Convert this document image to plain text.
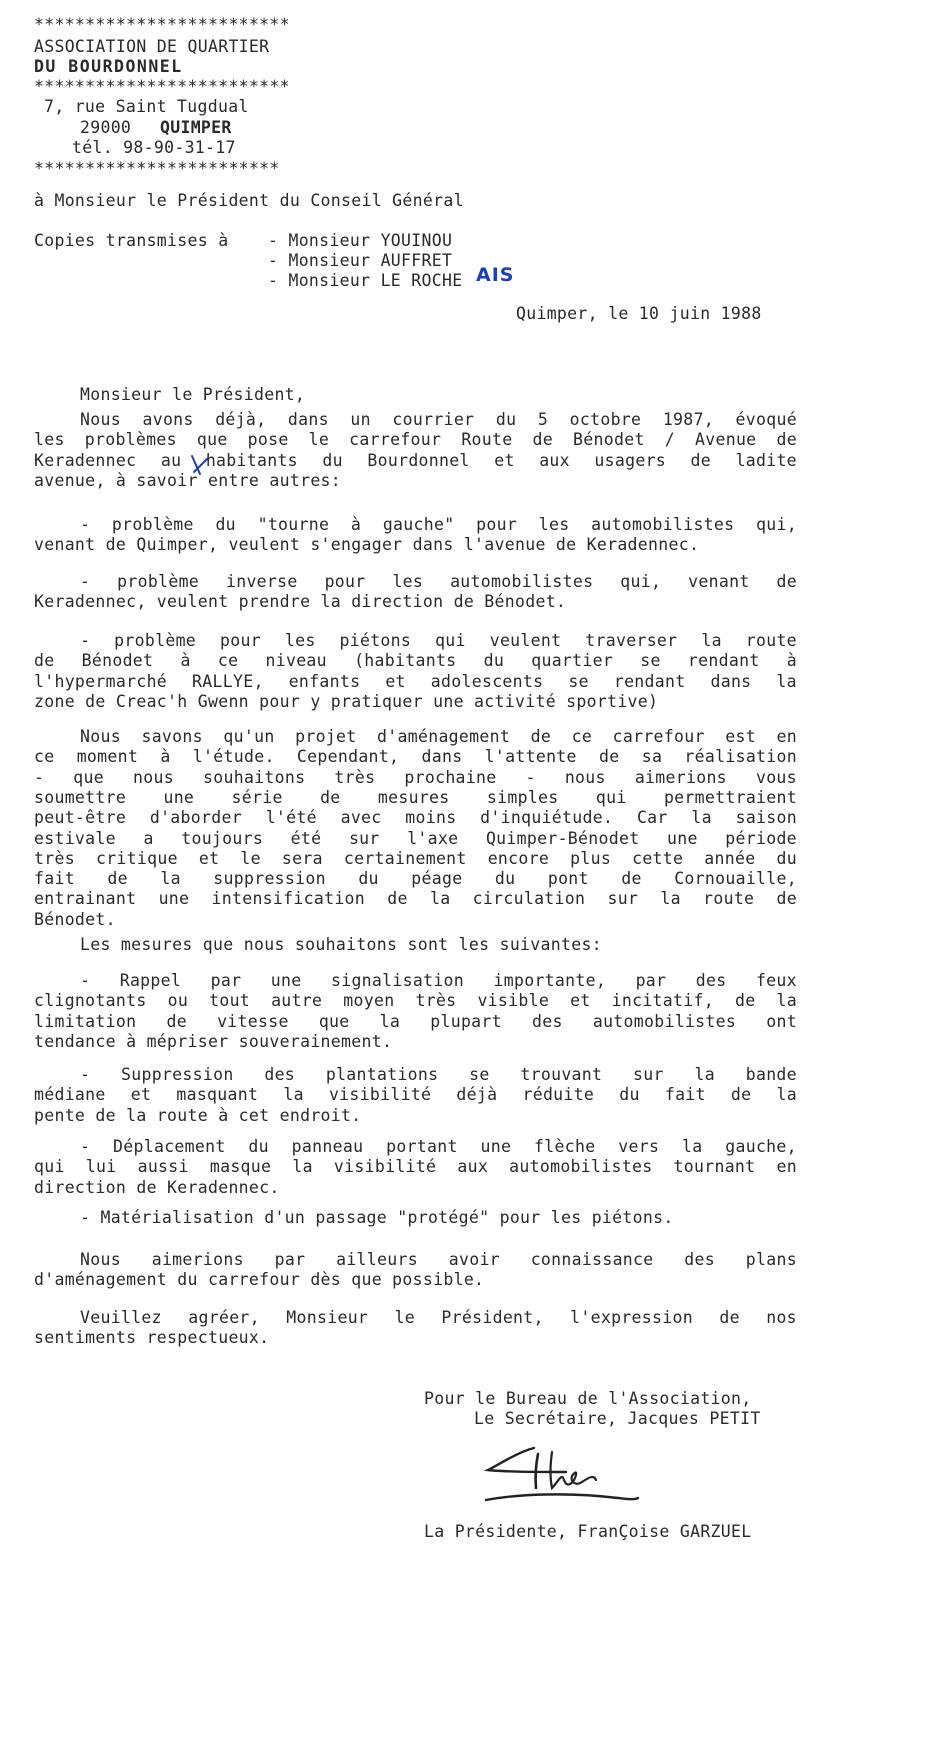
*************************
ASSOCIATION DE QUARTIER
DU BOURDONNEL
*************************
7, rue Saint Tugdual
29000 QUIMPER
tél. 98-90-31-17
************************
à Monsieur le Président du Conseil Général
Copies transmises à - Monsieur YOUINOU
- Monsieur AUFFRET
- Monsieur LE ROCHE AIS
Quimper, le 10 juin 1988
Monsieur le Président,
Nous avons déjà, dans un courrier du 5 octobre 1987, évoqué
les problèmes que pose le carrefour Route de Bénodet / Avenue de
Keradennec au habitants du Bourdonnel et aux usagers de ladite
avenue, à savoir entre autres:
- problème du "tourne à gauche" pour les automobilistes qui,
venant de Quimper, veulent s'engager dans l'avenue de Keradennec.
- problème inverse pour les automobilistes qui, venant de
Keradennec, veulent prendre la direction de Bénodet.
- problème pour les piétons qui veulent traverser la route
de Bénodet à ce niveau (habitants du quartier se rendant à
l'hypermarché RALLYE, enfants et adolescents se rendant dans la
zone de Creac'h Gwenn pour y pratiquer une activité sportive)
Nous savons qu'un projet d'aménagement de ce carrefour est en
ce moment à l'étude. Cependant, dans l'attente de sa réalisation
- que nous souhaitons très prochaine - nous aimerions vous
soumettre une série de mesures simples qui permettraient
peut-être d'aborder l'été avec moins d'inquiétude. Car la saison
estivale a toujours été sur l'axe Quimper-Bénodet une période
très critique et le sera certainement encore plus cette année du
fait de la suppression du péage du pont de Cornouaille,
entrainant une intensification de la circulation sur la route de
Bénodet.
Les mesures que nous souhaitons sont les suivantes:
- Rappel par une signalisation importante, par des feux
clignotants ou tout autre moyen très visible et incitatif, de la
limitation de vitesse que la plupart des automobilistes ont
tendance à mépriser souverainement.
- Suppression des plantations se trouvant sur la bande
médiane et masquant la visibilité déjà réduite du fait de la
pente de la route à cet endroit.
- Déplacement du panneau portant une flèche vers la gauche,
qui lui aussi masque la visibilité aux automobilistes tournant en
direction de Keradennec.
- Matérialisation d'un passage "protégé" pour les piétons.
Nous aimerions par ailleurs avoir connaissance des plans
d'aménagement du carrefour dès que possible.
Veuillez agréer, Monsieur le Président, l'expression de nos
sentiments respectueux.
Pour le Bureau de l'Association,
Le Secrétaire, Jacques PETIT
La Présidente, FranÇoise GARZUEL
